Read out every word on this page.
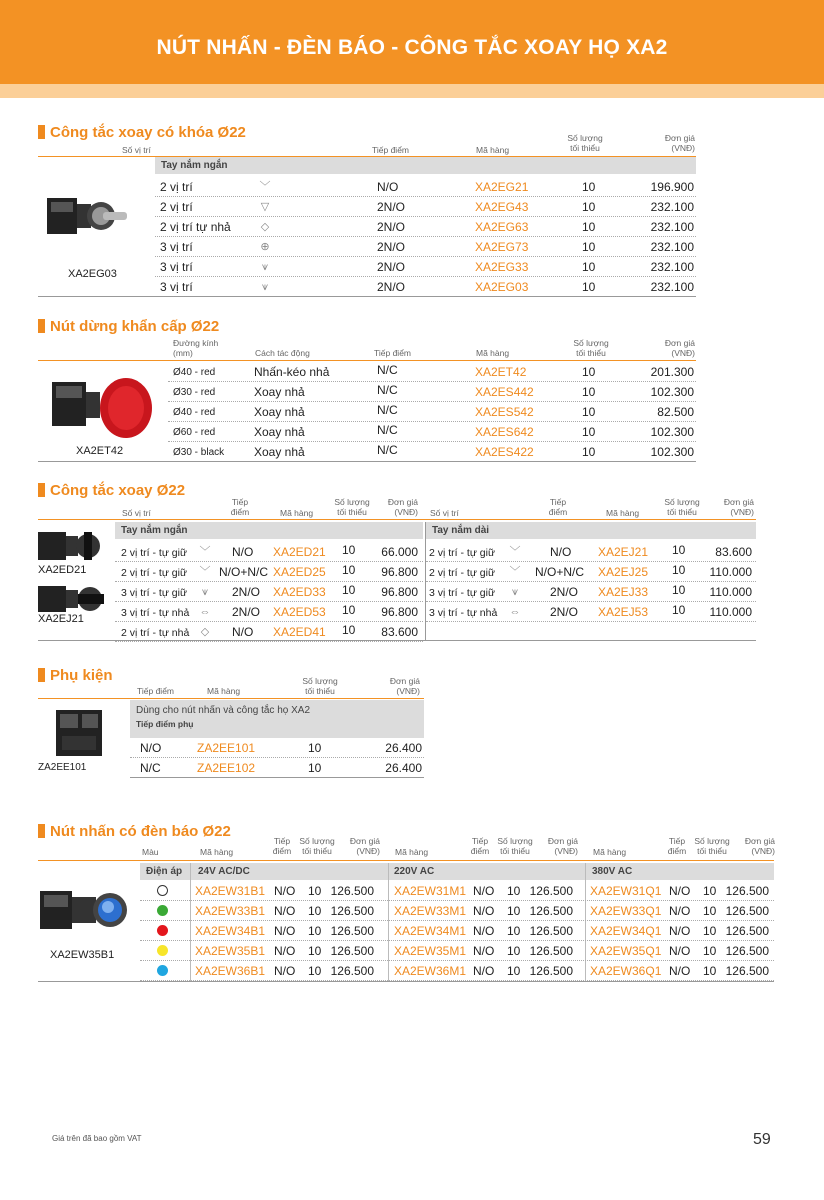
NÚT NHẤN - ĐÈN BÁO - CÔNG TẮC XOAY HỌ XA2
Công tắc xoay có khóa Ø22
Số vị trí	Tiếp điểm	Mã hàng
Số lượng
tối thiểu
Đơn giá
(VNĐ)
Tay nắm ngắn
XA2EG03
2 vị trí	﹀	N/O	XA2EG21	10	196.900
2 vị trí	▽	2N/O	XA2EG43	10	232.100
2 vị trí tự nhả	◇	2N/O	XA2EG63	10	232.100
3 vị trí	⊕	2N/O	XA2EG73	10	232.100
3 vị trí	⩛	2N/O	XA2EG33	10	232.100
3 vị trí	⩛	2N/O	XA2EG03	10	232.100
Nút dừng khẩn cấp Ø22
Đường kính
(mm)	Cách tác động	Tiếp điểm	Mã hàng
Số lượng
tối thiểu
Đơn giá
(VNĐ)
XA2ET42
Ø40 - red	Nhấn-kéo nhả	N/C	XA2ET42	10	201.300
Ø30 - red	Xoay nhả	N/C	XA2ES442	10	102.300
Ø40 - red	Xoay nhả	N/C	XA2ES542	10	82.500
Ø60 - red	Xoay nhả	N/C	XA2ES642	10	102.300
Ø30 - black Xoay nhả	N/C	XA2ES422	10	102.300
Công tắc xoay Ø22
Số vị trí
Tiếp
điểm	Mã hàng
Số lượng
tối thiểu
Đơn giá
(VNĐ) Số vị trí
Tiếp
điểm	Mã hàng
Số lượng
tối thiểu
Đơn giá
(VNĐ)
Tay nắm ngắn	Tay nắm dài
XA2ED21
XA2EJ21
2 vị trí - tự giữ ﹀ N/O XA2ED21 10	66.000
2 vị trí - tự giữ ﹀ N/O+N/C XA2ED25 10	96.800
3 vị trí - tự giữ	⩛	2N/O XA2ED33 10	96.800
3 vị trí - tự nhả ⇔ 2N/O XA2ED53 10	96.800
2 vị trí - tự nhả	◇	N/O XA2ED41 10	83.600
2 vị trí - tự giữ ﹀ N/O XA2EJ21 10	83.600
2 vị trí - tự giữ ﹀ N/O+N/C XA2EJ25 10	110.000
3 vị trí - tự giữ	⩛	2N/O XA2EJ33 10	110.000
3 vị trí - tự nhả ⇔ 2N/O XA2EJ53 10	110.000
Phụ kiện
Tiếp điểm	Mã hàng
Số lượng
tối thiểu
Đơn giá
(VNĐ)
Dùng cho nút nhấn và công tắc họ XA2
Tiếp điểm phụ
ZA2EE101
N/O	ZA2EE101	10	26.400
N/C	ZA2EE102	10	26.400
Nút nhấn có đèn báo Ø22
Màu	Mã hàng	Mã hàng	Mã hàng
Tiếp
điểm
Số lượng
tối thiểu
Đơn giá
(VNĐ)
Tiếp
điểm
Số lượng
tối thiểu
Đơn giá
(VNĐ)
Tiếp
điểm
Số lượng
tối thiểu
Đơn giá
(VNĐ)
Điện áp 24V AC/DC	220V AC	380V AC
XA2EW35B1
XA2EW31B1 N/O 10 126.500 XA2EW31M1 N/O 10 126.500 XA2EW31Q1 N/O 10 126.500
XA2EW33B1 N/O 10 126.500 XA2EW33M1 N/O 10 126.500 XA2EW33Q1 N/O 10 126.500
XA2EW34B1 N/O 10 126.500 XA2EW34M1 N/O 10 126.500 XA2EW34Q1 N/O 10 126.500
XA2EW35B1 N/O 10 126.500 XA2EW35M1 N/O 10 126.500 XA2EW35Q1 N/O 10 126.500
XA2EW36B1 N/O 10 126.500 XA2EW36M1 N/O 10 126.500 XA2EW36Q1 N/O 10 126.500
Giá trên đã bao gồm VAT	59
